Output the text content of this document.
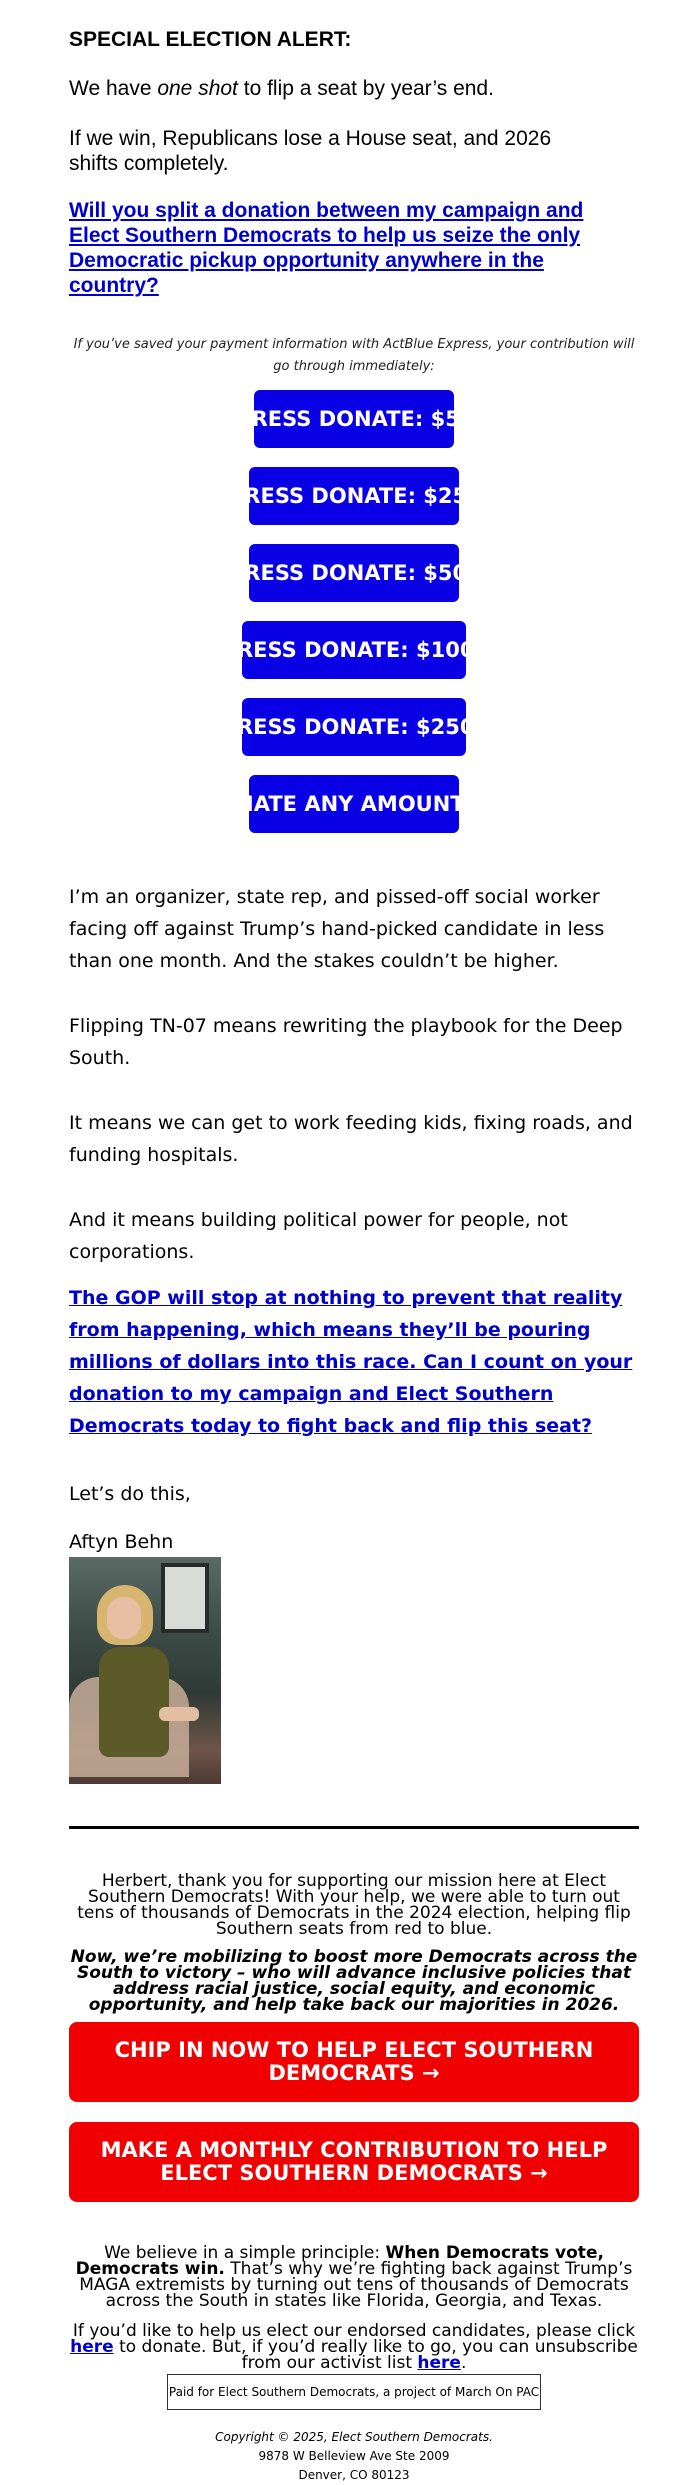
SPECIAL ELECTION ALERT:

We have one shot to flip a seat by year’s end.

If we win, Republicans lose a House seat, and 2026 shifts completely.

Will you split a donation between my campaign and Elect Southern Democrats to help us seize the only Democratic pickup opportunity anywhere in the country?
If you’ve saved your payment information with ActBlue Express, your contribution will go through immediately:
EXPRESS DONATE: $5 >>
EXPRESS DONATE: $25 >>
EXPRESS DONATE: $50 >>
EXPRESS DONATE: $100 >>
EXPRESS DONATE: $250 >>
DONATE ANY AMOUNT >>

I’m an organizer, state rep, and pissed-off social worker facing off against Trump’s hand-picked candidate in less than one month. And the stakes couldn’t be higher.

Flipping TN-07 means rewriting the playbook for the Deep South.

It means we can get to work feeding kids, fixing roads, and funding hospitals.

And it means building political power for people, not corporations.

The GOP will stop at nothing to prevent that reality from happening, which means they’ll be pouring millions of dollars into this race. Can I count on your donation to my campaign and Elect Southern Democrats today to fight back and flip this seat?

Let’s do this,

Aftyn Behn

Herbert, thank you for supporting our mission here at Elect Southern Democrats! With your help, we were able to turn out tens of thousands of Democrats in the 2024 election, helping flip Southern seats from red to blue.

Now, we’re mobilizing to boost more Democrats across the South to victory – who will advance inclusive policies that address racial justice, social equity, and economic opportunity, and help take back our majorities in 2026.

CHIP IN NOW TO HELP ELECT SOUTHERN DEMOCRATS →
MAKE A MONTHLY CONTRIBUTION TO HELP ELECT SOUTHERN DEMOCRATS →

We believe in a simple principle: When Democrats vote, Democrats win. That’s why we’re fighting back against Trump’s MAGA extremists by turning out tens of thousands of Democrats across the South in states like Florida, Georgia, and Texas.

If you’d like to help us elect our endorsed candidates, please click here to donate. But, if you’d really like to go, you can unsubscribe from our activist list here.

Paid for Elect Southern Democrats, a project of March On PAC
Copyright © 2025, Elect Southern Democrats.
9878 W Belleview Ave Ste 2009
Denver, CO 80123
